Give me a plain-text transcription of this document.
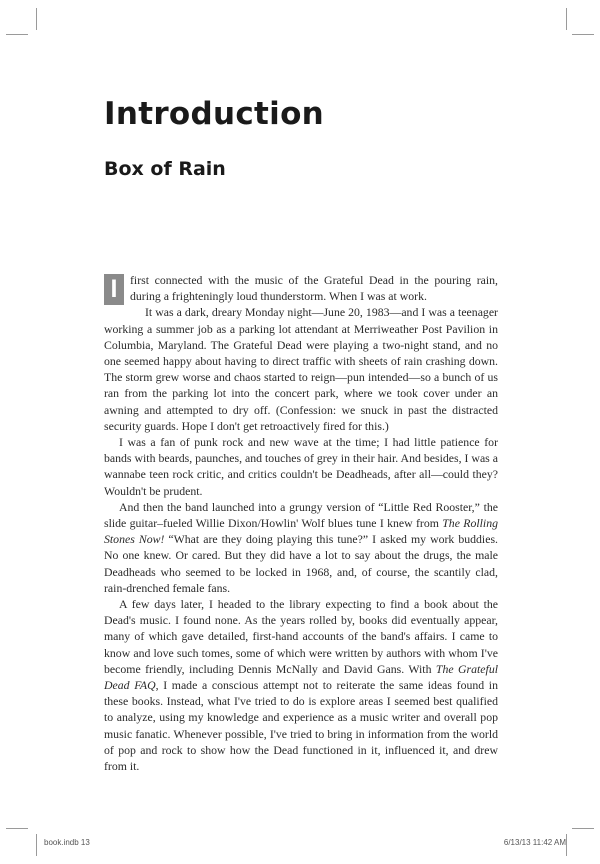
Introduction
Box of Rain

I	first connected with the music of the Grateful Dead in the pouring rain, during a frighteningly loud thunderstorm. When I was at work.

It was a dark, dreary Monday night—June 20, 1983—and I was a teenager working a summer job as a parking lot attendant at Merriweather Post Pavilion in Columbia, Maryland. The Grateful Dead were playing a two-night stand, and no one seemed happy about having to direct traffic with sheets of rain crashing down. The storm grew worse and chaos started to reign—pun intended—so a bunch of us ran from the parking lot into the concert park, where we took cover under an awning and attempted to dry off. (Confession: we snuck in past the distracted security guards. Hope I don't get retroactively fired for this.)

I was a fan of punk rock and new wave at the time; I had little patience for bands with beards, paunches, and touches of grey in their hair. And besides, I was a wannabe teen rock critic, and critics couldn't be Deadheads, after all—could they? Wouldn't be prudent.

And then the band launched into a grungy version of “Little Red Rooster,” the slide guitar–fueled Willie Dixon/Howlin' Wolf blues tune I knew from The Rolling Stones Now! “What are they doing playing this tune?” I asked my work buddies. No one knew. Or cared. But they did have a lot to say about the drugs, the male Deadheads who seemed to be locked in 1968, and, of course, the scantily clad, rain-drenched female fans.

A few days later, I headed to the library expecting to find a book about the Dead's music. I found none. As the years rolled by, books did eventually appear, many of which gave detailed, first-hand accounts of the band's affairs. I came to know and love such tomes, some of which were written by authors with whom I've become friendly, including Dennis McNally and David Gans. With The Grateful Dead FAQ, I made a conscious attempt not to reiterate the same ideas found in these books. Instead, what I've tried to do is explore areas I seemed best qualified to analyze, using my knowledge and experience as a music writer and overall pop music fanatic. Whenever possible, I've tried to bring in information from the world of pop and rock to show how the Dead functioned in it, influenced it, and drew from it.

book.indb 13	6/13/13 11:42 AM
